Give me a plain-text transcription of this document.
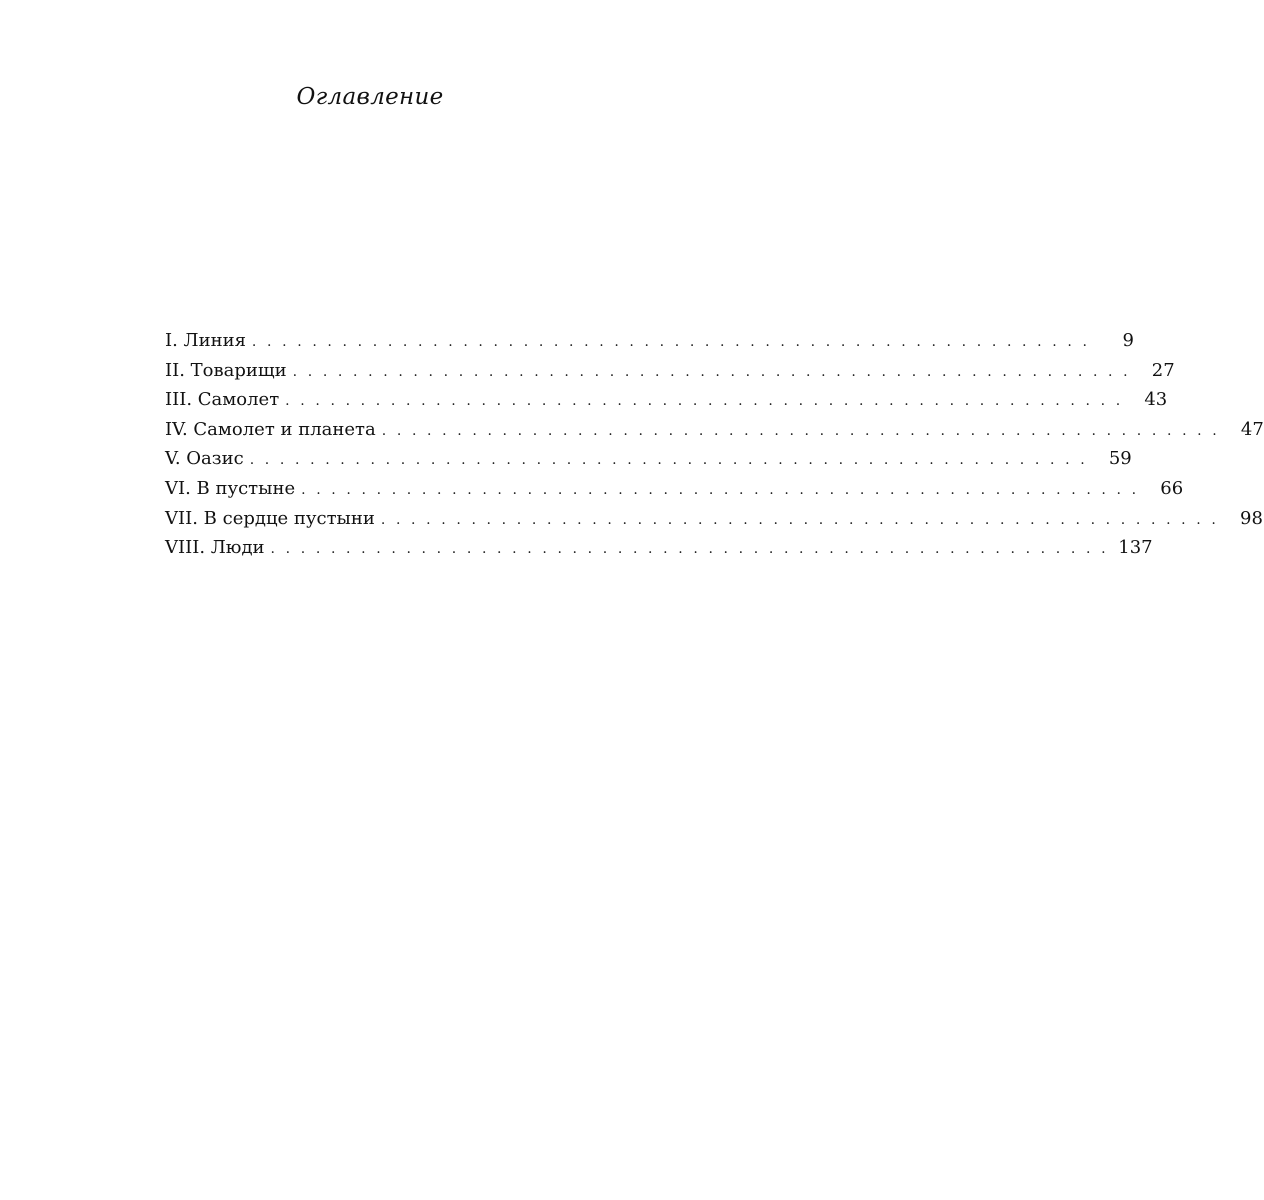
Оглавление
I. Линия . . . . . . . . . . . . . . . . . . . . . . . . . . . . . . . . . . . . . . . . . . . . . . . . . . . . . . . .	9
II. Товарищи . . . . . . . . . . . . . . . . . . . . . . . . . . . . . . . . . . . . . . . . . . . . . . . . . . . . . . . .	27
III. Самолет . . . . . . . . . . . . . . . . . . . . . . . . . . . . . . . . . . . . . . . . . . . . . . . . . . . . . . . .	43
IV. Самолет и планета . . . . . . . . . . . . . . . . . . . . . . . . . . . . . . . . . . . . . . . . . . . . . . . . . . . . . . . .	47
V. Оазис . . . . . . . . . . . . . . . . . . . . . . . . . . . . . . . . . . . . . . . . . . . . . . . . . . . . . . . .	59
VI. В пустыне . . . . . . . . . . . . . . . . . . . . . . . . . . . . . . . . . . . . . . . . . . . . . . . . . . . . . . . .	66
VII. В сердце пустыни . . . . . . . . . . . . . . . . . . . . . . . . . . . . . . . . . . . . . . . . . . . . . . . . . . . . . . . .	98
VIII. Люди . . . . . . . . . . . . . . . . . . . . . . . . . . . . . . . . . . . . . . . . . . . . . . . . . . . . . . . . 137
